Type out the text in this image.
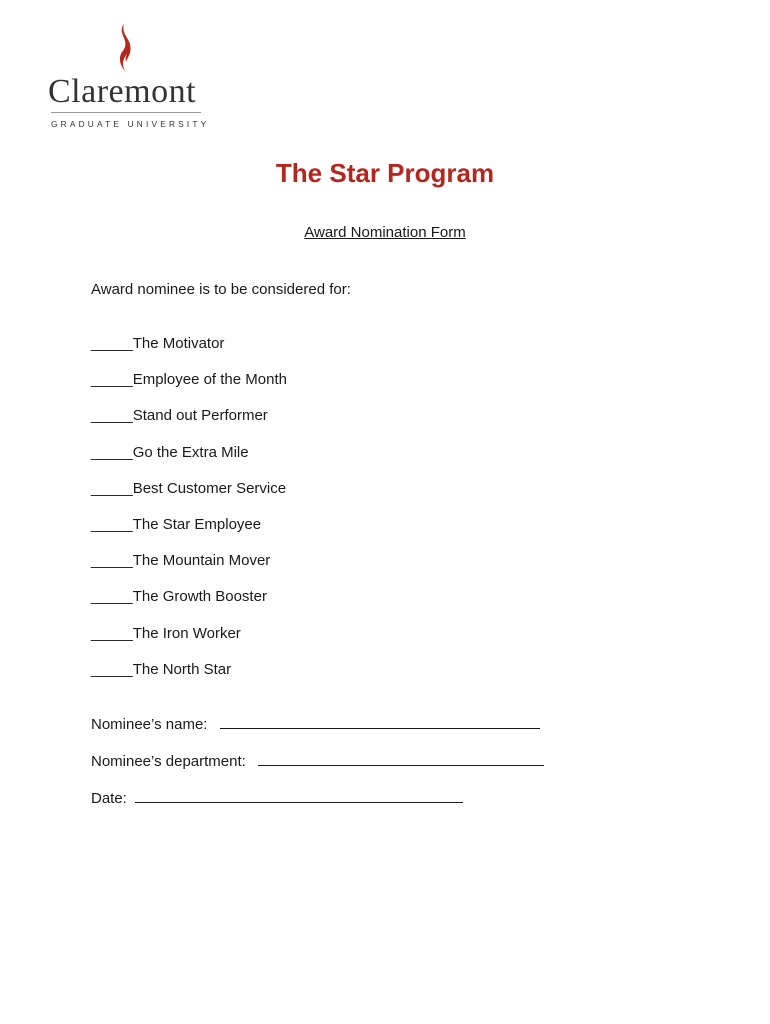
Claremont
GRADUATE UNIVERSITY
The Star Program
Award Nomination Form
Award nominee is to be considered for:
_____The Motivator
_____Employee of the Month
_____Stand out Performer
_____Go the Extra Mile
_____Best Customer Service
_____The Star Employee
_____The Mountain Mover
_____The Growth Booster
_____The Iron Worker
_____The North Star
Nominee’s name:
Nominee’s department:
Date:
